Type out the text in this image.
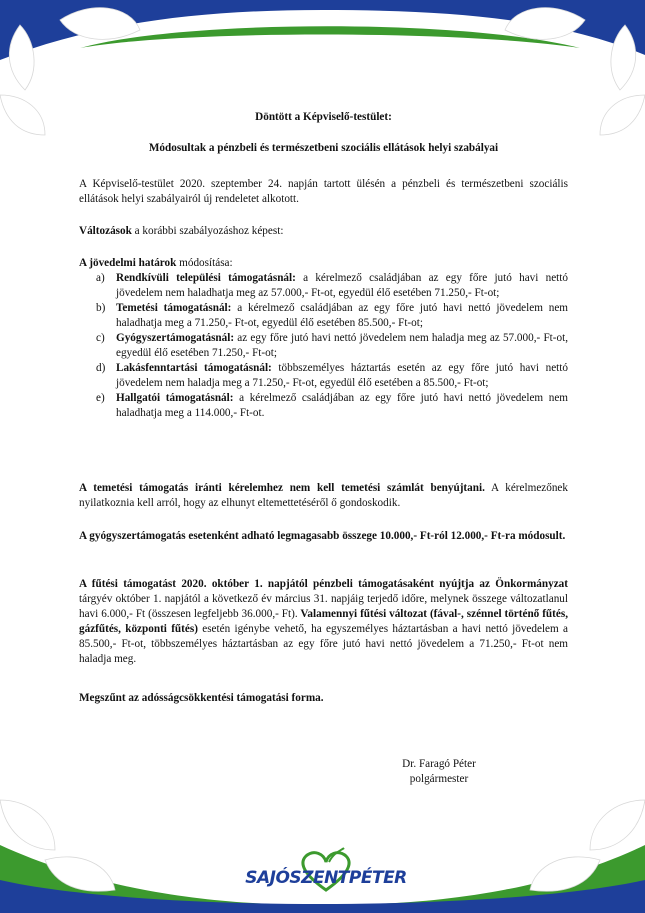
Döntött a Képviselő-testület:

Módosultak a pénzbeli és természetbeni szociális ellátások helyi szabályai

A Képviselő-testület 2020. szeptember 24. napján tartott ülésén a pénzbeli és természetbeni szociális ellátások helyi szabályairól új rendeletet alkotott.

Változások a korábbi szabályozáshoz képest:

A jövedelmi határok módosítása:

a) Rendkívüli települési támogatásnál: a kérelmező családjában az egy főre jutó havi nettó jövedelem nem haladhatja meg az 57.000,- Ft-ot, egyedül élő esetében 71.250,- Ft-ot;
b) Temetési támogatásnál: a kérelmező családjában az egy főre jutó havi nettó jövedelem nem haladhatja meg a 71.250,- Ft-ot, egyedül élő esetében 85.500,- Ft-ot;
c) Gyógyszertámogatásnál: az egy főre jutó havi nettó jövedelem nem haladja meg az 57.000,- Ft-ot, egyedül élő esetében 71.250,- Ft-ot;
d) Lakásfenntartási támogatásnál: többszemélyes háztartás esetén az egy főre jutó havi nettó jövedelem nem haladja meg a 71.250,- Ft-ot, egyedül élő esetében a 85.500,- Ft-ot;
e) Hallgatói támogatásnál: a kérelmező családjában az egy főre jutó havi nettó jövedelem nem haladhatja meg a 114.000,- Ft-ot.

A temetési támogatás iránti kérelemhez nem kell temetési számlát benyújtani. A kérelmezőnek nyilatkoznia kell arról, hogy az elhunyt eltemettetéséről ő gondoskodik.

A gyógyszertámogatás esetenként adható legmagasabb összege 10.000,- Ft-ról 12.000,- Ft-ra módosult.

A fűtési támogatást 2020. október 1. napjától pénzbeli támogatásaként nyújtja az Önkormányzat tárgyév október 1. napjától a következő év március 31. napjáig terjedő időre, melynek összege változatlanul havi 6.000,- Ft (összesen legfeljebb 36.000,- Ft). Valamennyi fűtési változat (fával-, szénnel történő fűtés, gázfűtés, központi fűtés) esetén igénybe vehető, ha egyszemélyes háztartásban a havi nettó jövedelem a 85.500,- Ft-ot, többszemélyes háztartásban az egy főre jutó havi nettó jövedelem a 71.250,- Ft-ot nem haladja meg.

Megszűnt az adósságcsökkentési támogatási forma.

Dr. Faragó Péter
polgármester
SAJÓSZENTPÉTER
